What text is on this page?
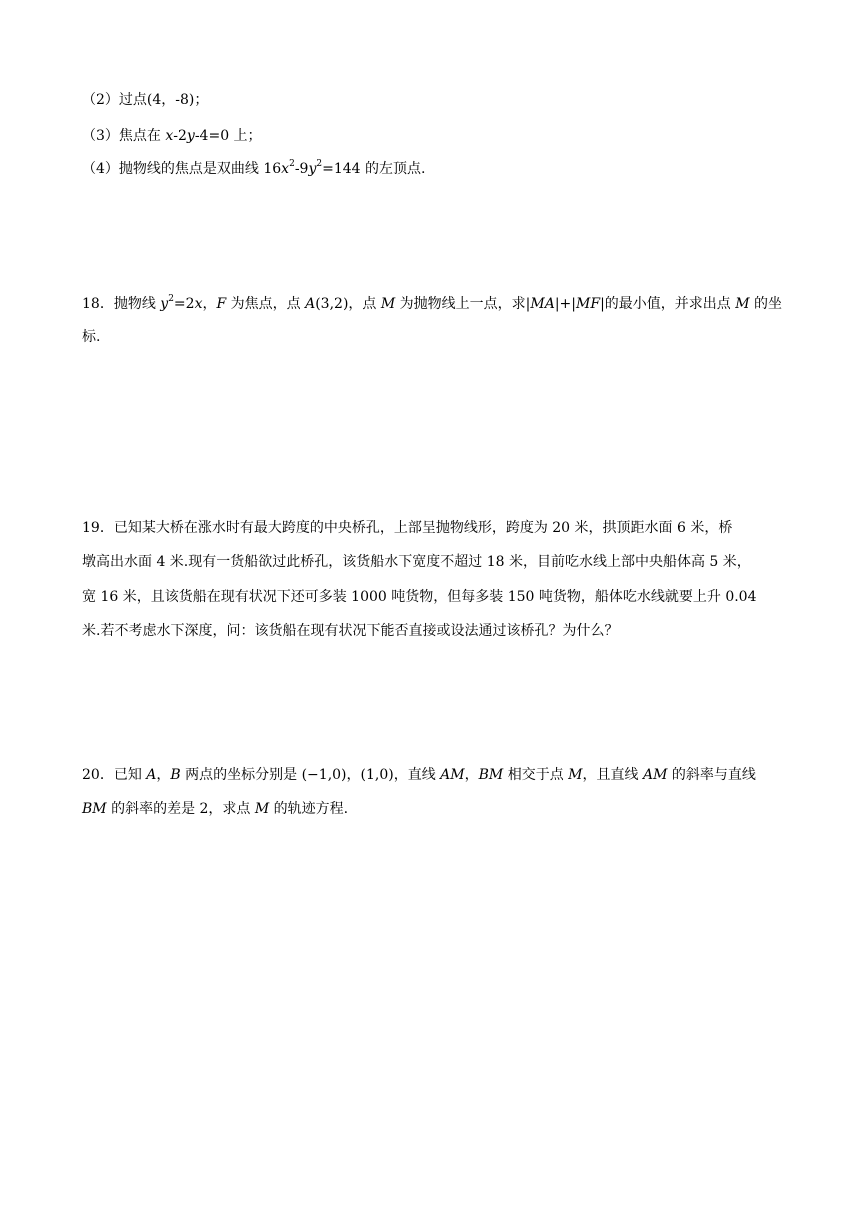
（2）过点(4，-8)；
（3）焦点在 x-2y-4=0 上；
（4）抛物线的焦点是双曲线 $16x^2-9y^2=144$ 的左顶点.
18．抛物线 $y^2=2x$，F 为焦点，点 A(3,2)，点 M 为抛物线上一点，求|MA|+|MF|的最小值，并求出点 M 的坐
标.
19．已知某大桥在涨水时有最大跨度的中央桥孔，上部呈抛物线形，跨度为 20 米，拱顶距水面 6 米，桥
墩高出水面 4 米.现有一货船欲过此桥孔，该货船水下宽度不超过 18 米，目前吃水线上部中央船体高 5 米，
宽 16 米，且该货船在现有状况下还可多装 1000 吨货物，但每多装 150 吨货物，船体吃水线就要上升 0.04
米.若不考虑水下深度，问：该货船在现有状况下能否直接或设法通过该桥孔？为什么？
20．已知 A，B 两点的坐标分别是 (−1,0)，(1,0)，直线 AM，BM 相交于点 M，且直线 AM 的斜率与直线
BM 的斜率的差是 2，求点 M 的轨迹方程.
